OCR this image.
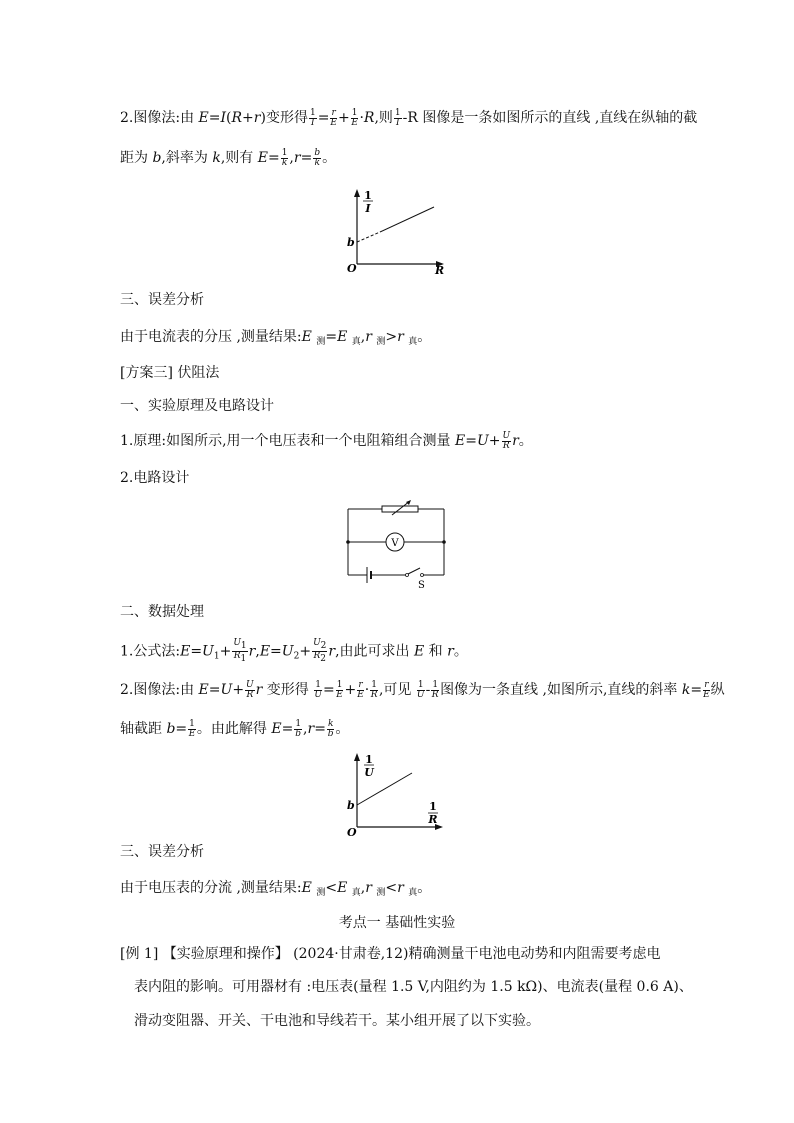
2.图像法:由 E=I(R+r)变形得 $\frac{1}{I} = \frac{r}{E} + \frac{1}{E} \cdot R$,则 $\frac{1}{I} -R$ 图像是一条如图所示的直线 ,直线在纵轴的截
距为 b,斜率为 k,则有 $E= \frac{1}{k} ,r= \frac{b}{k}$ 。
1
I
b
O	R
三、误差分析
由于电流表的分压 ,测量结果:E $_测$=E $_真$,r $_测$>r $_真$。
[方案三] 伏阻法
一、实验原理及电路设计
1.原理:如图所示,用一个电压表和一个电阻箱组合测量 $E=U+ \frac{U}{R}$ r。
2.电路设计
V
S
二、数据处理
1.公式法$:E=U_1+ \frac{U1}{R1} r,E=U_2+ \frac{U2}{R2} r$,由此可求出 E 和 r。
2.图像法:由 $E=U+ \frac{U}{R}$ r 变形得 $\frac{1}{U} = \frac{1}{E} + \frac{r}{E} \cdot \frac{1}{R}$ ,可见 $\frac{1}{U} - \frac{1}{R}$ 图像为一条直线 ,如图所示,直线的斜率 $k= \frac{r}{E}$ 纵
轴截距 $b= \frac{1}{E}$ 。由此解得 $E= \frac{1}{b} ,r= \frac{k}{b}$ 。
1
U
b
O
1
R
三、误差分析
由于电压表的分流 ,测量结果:E $_测$<E $_真$,r $_测$<r $_真$。
考点一 基础性实验
[例 1] 【实验原理和操作】 (2024·甘肃卷,12)精确测量干电池电动势和内阻需要考虑电
表内阻的影响。可用器材有 :电压表(量程 1.5 V,内阻约为 1.5 kΩ)、电流表(量程 0.6 A)、
滑动变阻器、开关、干电池和导线若干。某小组开展了以下实验。
